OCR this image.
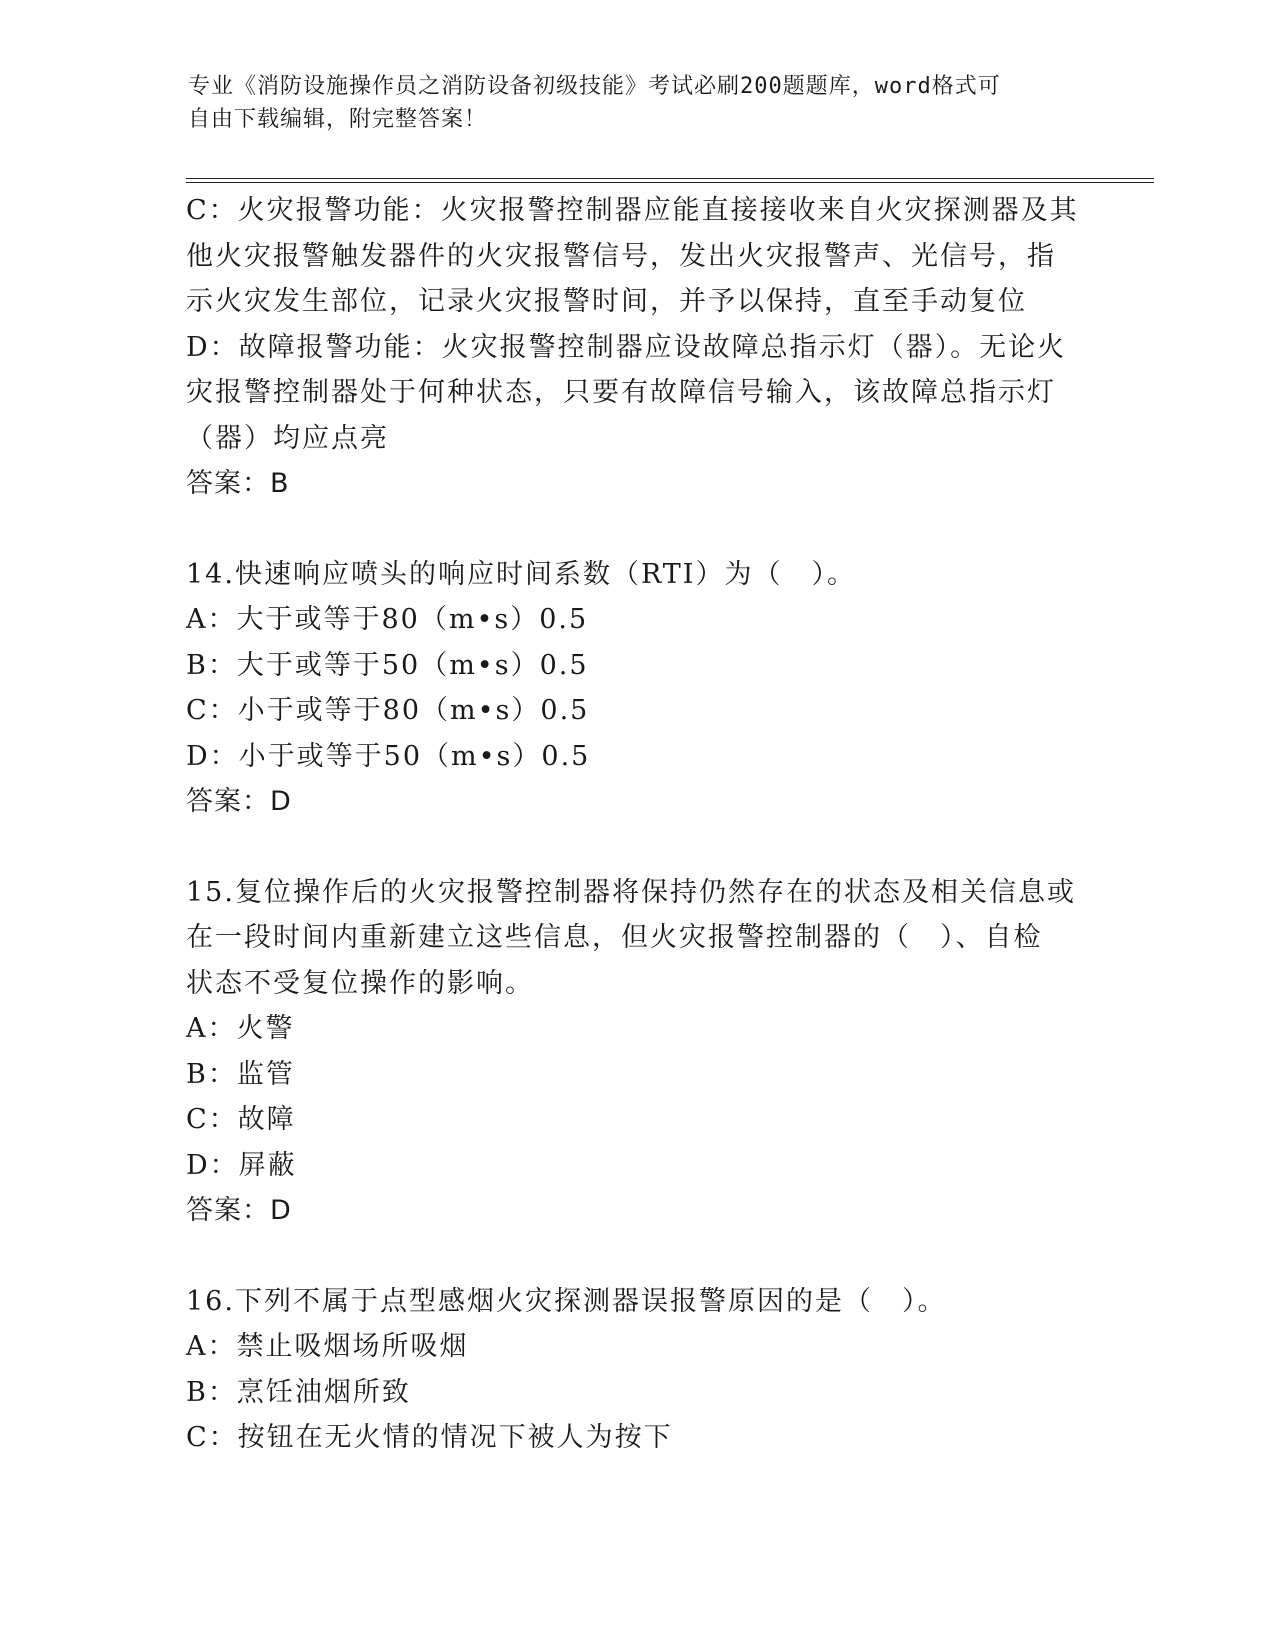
专业《消防设施操作员之消防设备初级技能》考试必刷200题题库，word格式可
自由下载编辑，附完整答案！
C：火灾报警功能：火灾报警控制器应能直接接收来自火灾探测器及其
他火灾报警触发器件的火灾报警信号，发出火灾报警声、光信号，指
示火灾发生部位，记录火灾报警时间，并予以保持，直至手动复位
D：故障报警功能：火灾报警控制器应设故障总指示灯（器）。无论火
灾报警控制器处于何种状态，只要有故障信号输入，该故障总指示灯
（器）均应点亮
答案：B
14.快速响应喷头的响应时间系数（RTI）为（　）。
A：大于或等于80（m•s）0.5
B：大于或等于50（m•s）0.5
C：小于或等于80（m•s）0.5
D：小于或等于50（m•s）0.5
答案：D
15.复位操作后的火灾报警控制器将保持仍然存在的状态及相关信息或
在一段时间内重新建立这些信息，但火灾报警控制器的（　）、自检
状态不受复位操作的影响。
A：火警
B：监管
C：故障
D：屏蔽
答案：D
16.下列不属于点型感烟火灾探测器误报警原因的是（　）。
A：禁止吸烟场所吸烟
B：烹饪油烟所致
C：按钮在无火情的情况下被人为按下
